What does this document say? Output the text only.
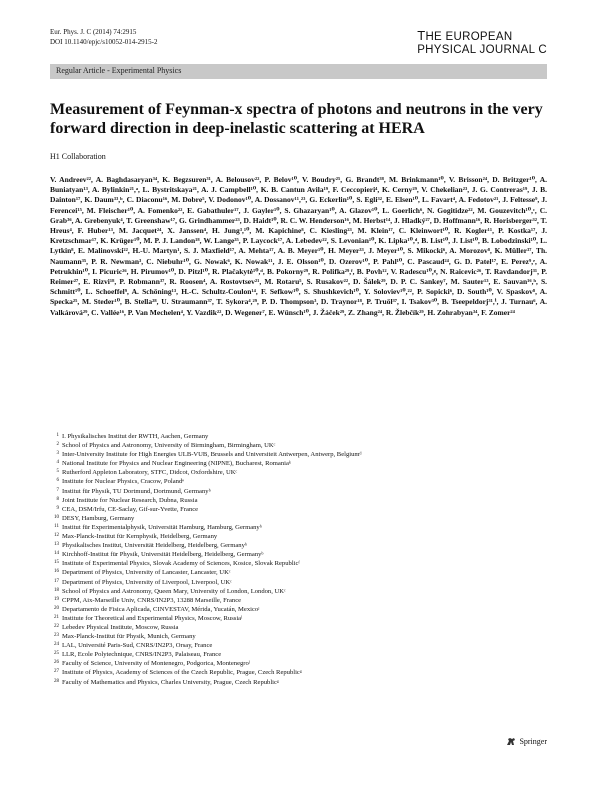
Eur. Phys. J. C (2014) 74:2915
DOI 10.1140/epjc/s10052-014-2915-2	THE EUROPEAN
PHYSICAL JOURNAL C
Regular Article - Experimental Physics
Measurement of Feynman-x spectra of photons and neutrons in the very forward direction in deep-inelastic scattering at HERA
H1 Collaboration

V. Andreev²², A. Baghdasaryan³⁴, K. Begzsuren³¹, A. Belousov²², P. Belov¹⁰, V. Boudry²⁵, G. Brandt³⁸, M. Brinkmann¹⁰, V. Brisson²⁴, D. Britzger¹⁰, A. Buniatyan¹³, A. Bylinkin²¹,ᵃ, L. Bystritskaya²¹, A. J. Campbell¹⁰, K. B. Cantun Avila¹⁹, F. Ceccopieri⁴, K. Cerny²⁹, V. Chekelian²³, J. G. Contreras¹⁹, J. B. Dainton¹⁷, K. Daum³³,ᵇ, C. Diaconu¹⁶, M. Dobre⁵, V. Dodonov¹⁰, A. Dossanov¹¹,²³, G. Eckerlin¹⁰, S. Egli³², E. Elsen¹⁰, L. Favart⁴, A. Fedotov²¹, J. Feltesse⁹, J. Ferencei¹⁵, M. Fleischer¹⁰, A. Fomenko²², E. Gabathuler¹⁷, J. Gayler¹⁰, S. Ghazaryan¹⁰, A. Glazov¹⁰, L. Goerlich⁶, N. Gogitidze²², M. Gouzevitch¹⁰,ᶜ, C. Grab³⁶, A. Grebenyuk⁴, T. Greenshaw¹⁷, G. Grindhammer²³, D. Haidt¹⁰, R. C. W. Henderson¹⁶, M. Herbst¹⁴, J. Hladký²⁷, D. Hoffmann¹⁶, R. Horisberger³², T. Hreus⁴, F. Huber¹³, M. Jacquet²⁴, X. Janssen⁴, H. Jung³,¹⁰, M. Kapichine⁸, C. Kiesling²³, M. Klein¹⁷, C. Kleinwort¹⁰, R. Kogler¹¹, P. Kostka¹⁷, J. Kretzschmar¹⁷, K. Krüger¹⁰, M. P. J. Landon¹⁸, W. Lange³⁵, P. Laycock¹⁷, A. Lebedev²², S. Levonian¹⁰, K. Lipka¹⁰,ᵈ, B. List¹⁰, J. List¹⁰, B. Lobodzinski¹⁰, L. Lytkin⁸, E. Malinovski²², H.-U. Martyn¹, S. J. Maxfield¹⁷, A. Mehta¹⁷, A. B. Meyer¹⁰, H. Meyer³³, J. Meyer¹⁰, S. Mikocki⁶, A. Morozov⁸, K. Müller³⁷, Th. Naumann³⁵, P. R. Newman³, C. Niebuhr¹⁰, G. Nowak⁶, K. Nowak¹¹, J. E. Olsson¹⁰, D. Ozerov¹⁰, P. Pahl¹⁰, C. Pascaud²⁴, G. D. Patel¹⁷, E. Perez⁹,ᵉ, A. Petrukhin¹⁰, I. Picuric²⁶, H. Pirumov¹⁰, D. Pitzl¹⁰, R. Plačakytė¹⁰,ᵈ, B. Pokorny²⁹, R. Polifka²⁹,ᶠ, B. Povh¹², V. Radescu¹⁰,ᵍ, N. Raicevic²⁶, T. Ravdandorj³¹, P. Reimer²⁷, E. Rizvi¹⁸, P. Robmann³⁷, R. Roosen⁴, A. Rostovtsev²¹, M. Rotaru⁵, S. Rusakov²², D. Šálek²⁹, D. P. C. Sankey⁷, M. Sauter¹³, E. Sauvan¹⁶,ʰ, S. Schmitt¹⁰, L. Schoeffel⁹, A. Schöning¹³, H.-C. Schultz-Coulon¹⁴, F. Sefkow¹⁰, S. Shushkevich¹⁰, Y. Soloviev¹⁰,²², P. Sopicki⁶, D. South¹⁰, V. Spaskov⁸, A. Specka²⁵, M. Steder¹⁰, B. Stella²⁸, U. Straumann³⁷, T. Sykora⁴,²⁹, P. D. Thompson³, D. Traynor¹⁸, P. Truöl³⁷, I. Tsakov³⁰, B. Tseepeldorj³¹,ⁱ, J. Turnau⁶, A. Valkárová²⁹, C. Vallée¹⁶, P. Van Mechelen⁴, Y. Vazdik²², D. Wegener⁷, E. Wünsch¹⁰, J. Žáček²⁹, Z. Zhang²⁴, R. Žlebčík²⁹, H. Zohrabyan³⁴, F. Zomer²⁴

1 I. Physikalisches Institut der RWTH, Aachen, Germany
2 School of Physics and Astronomy, University of Birmingham, Birmingham, UKᶜ
3 Inter-University Institute for High Energies ULB-VUB, Brussels and Universiteit Antwerpen, Antwerp, Belgiumᵈ
4 National Institute for Physics and Nuclear Engineering (NIPNE), Bucharest, Romaniaᵏ
5 Rutherford Appleton Laboratory, STFC, Didcot, Oxfordshire, UKᶜ
6 Institute for Nuclear Physics, Cracow, Polandᵉ
7 Institut für Physik, TU Dortmund, Dortmund, Germanyᵇ
8 Joint Institute for Nuclear Research, Dubna, Russia
9 CEA, DSM/Irfu, CE-Saclay, Gif-sur-Yvette, France
10 DESY, Hamburg, Germany
11 Institut für Experimentalphysik, Universität Hamburg, Hamburg, Germanyᵇ
12 Max-Planck-Institut für Kernphysik, Heidelberg, Germany
13 Physikalisches Institut, Universität Heidelberg, Heidelberg, Germanyᵇ
14 Kirchhoff-Institut für Physik, Universität Heidelberg, Heidelberg, Germanyᵇ
15 Institute of Experimental Physics, Slovak Academy of Sciences, Kosice, Slovak Republicᶠ
16 Department of Physics, University of Lancaster, Lancaster, UKᶜ
17 Department of Physics, University of Liverpool, Liverpool, UKᶜ
18 School of Physics and Astronomy, Queen Mary, University of London, London, UKᶜ
19 CPPM, Aix-Marseille Univ, CNRS/IN2P3, 13288 Marseille, France
20 Departamento de Fisica Aplicada, CINVESTAV, Mérida, Yucatán, Mexicoʲ
21 Institute for Theoretical and Experimental Physics, Moscow, Russiaˡ
22 Lebedev Physical Institute, Moscow, Russia
23 Max-Planck-Institut für Physik, Munich, Germany
24 LAL, Université Paris-Sud, CNRS/IN2P3, Orsay, France
25 LLR, Ecole Polytechnique, CNRS/IN2P3, Palaiseau, France
26 Faculty of Science, University of Montenegro, Podgorica, Montenegroˡ
27 Institute of Physics, Academy of Sciences of the Czech Republic, Prague, Czech Republicᵍ
28 Faculty of Mathematics and Physics, Charles University, Prague, Czech Republicᵍ
Springer
